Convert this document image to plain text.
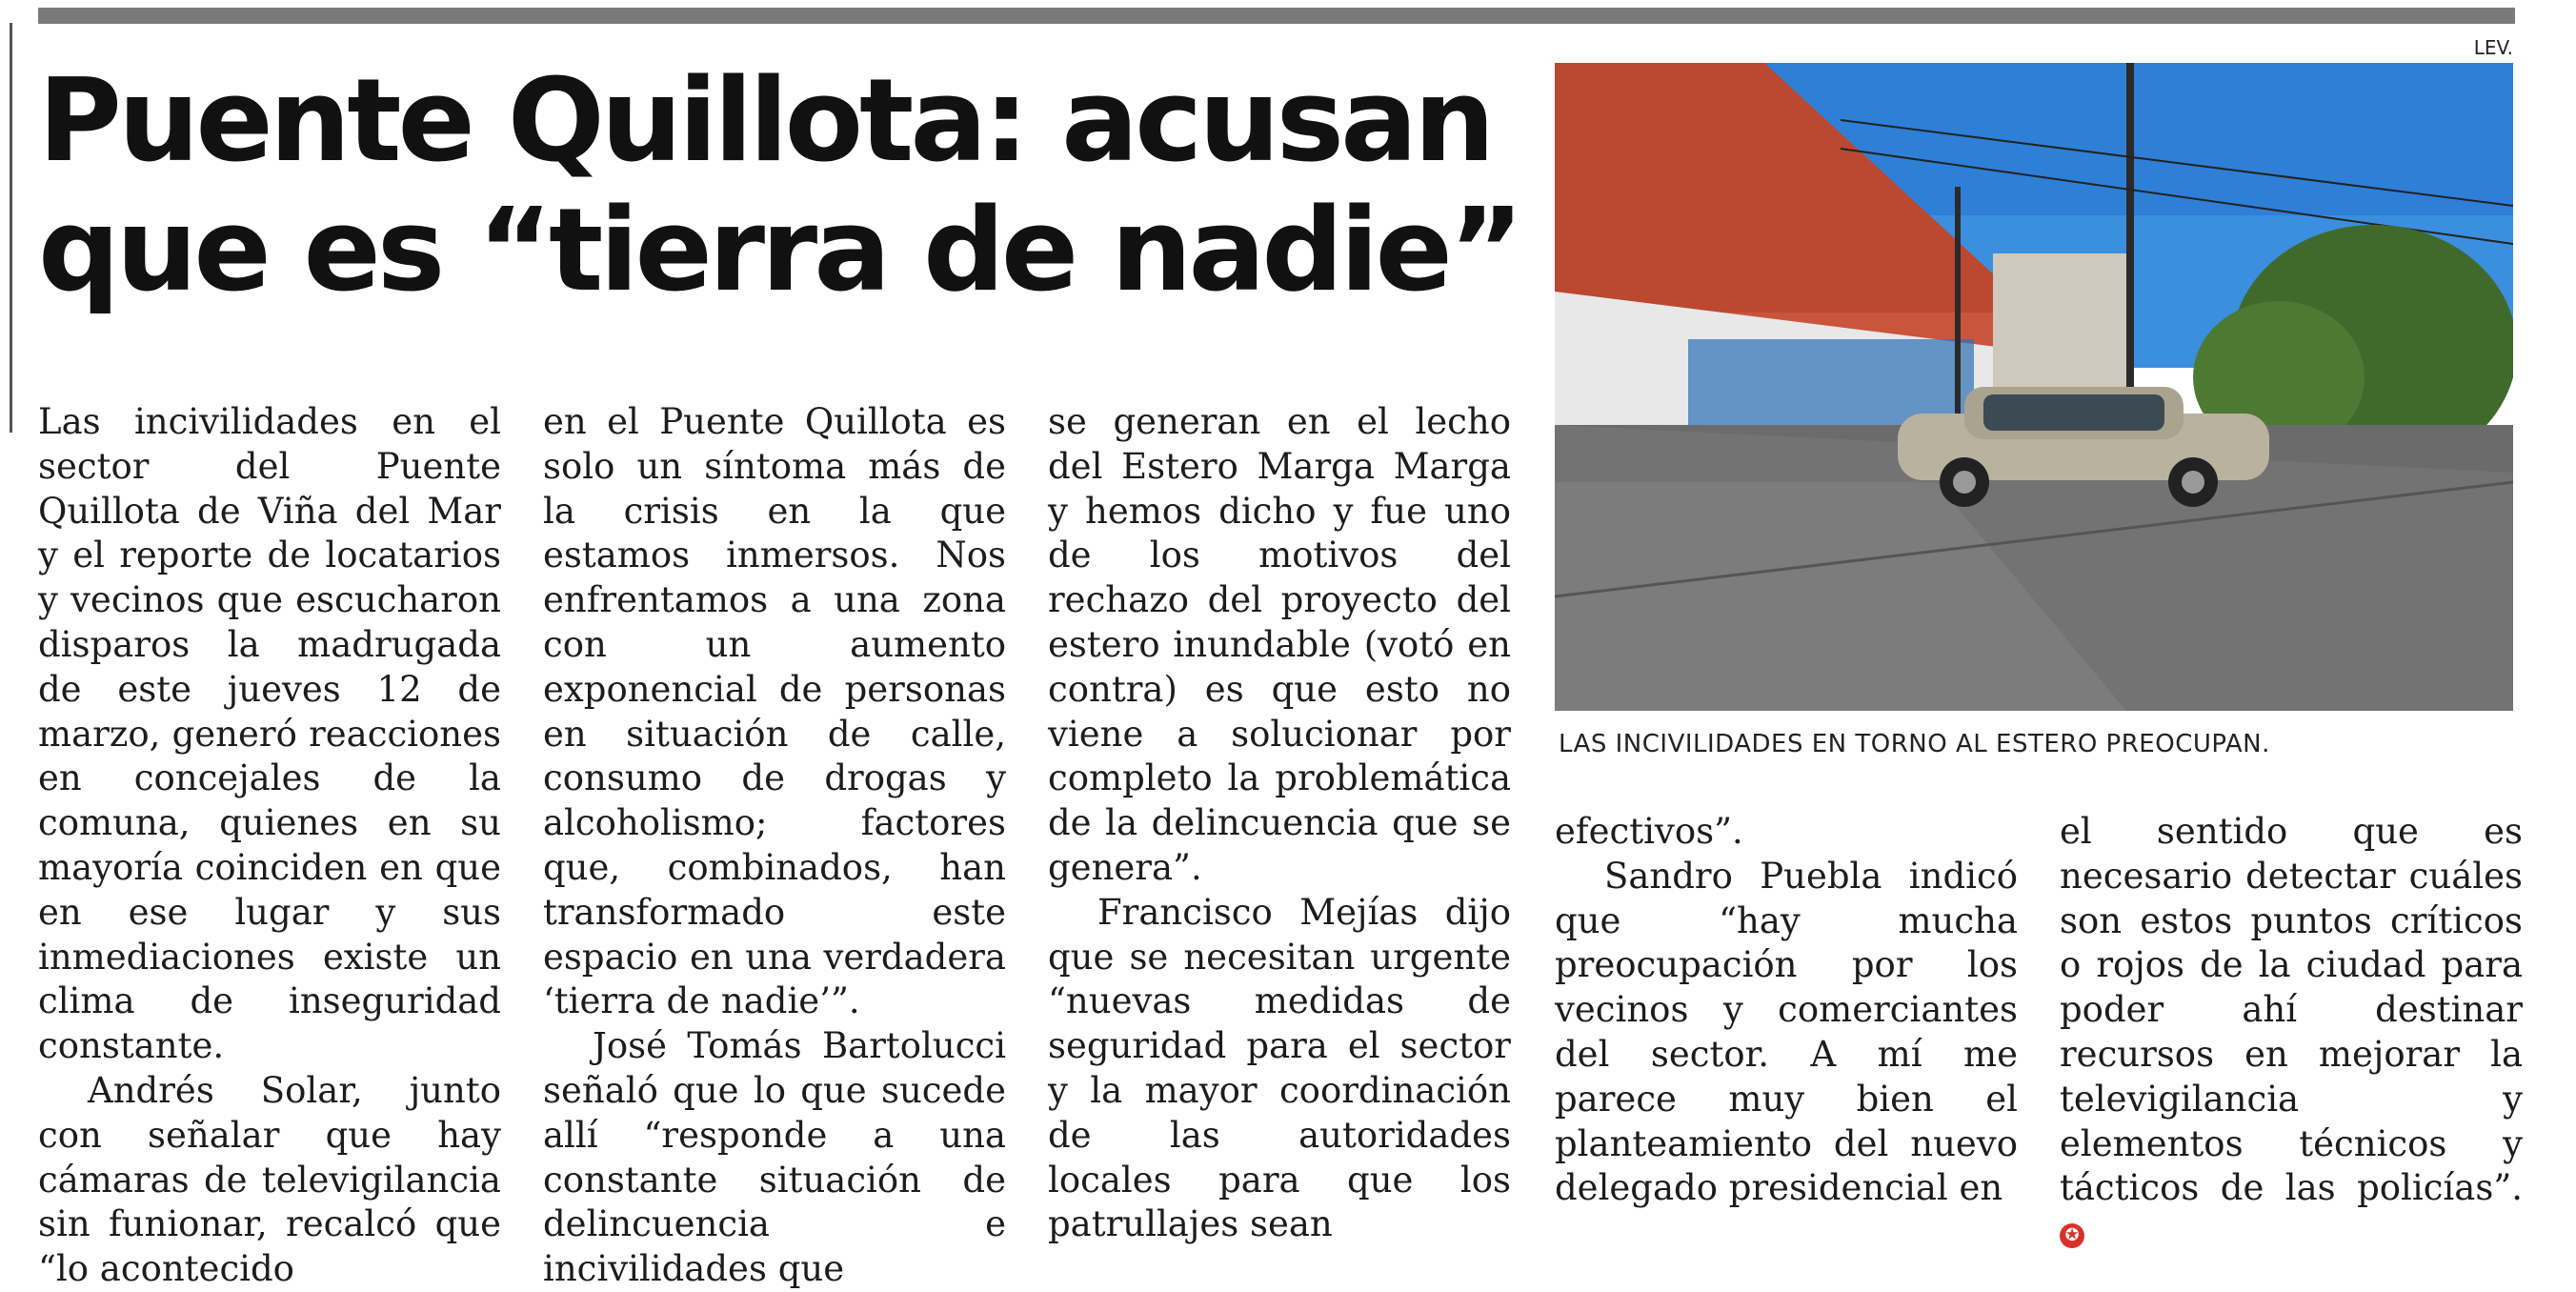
Puente Quillota: acusan que es “tierra de nadie”
LEV.
LAS INCIVILIDADES EN TORNO AL ESTERO PREOCUPAN.

Las incivilidades en el sector del Puente Quillota de Viña del Mar y el reporte de locatarios y vecinos que escucharon disparos la madrugada de este jueves 12 de marzo, generó reacciones en concejales de la comuna, quienes en su mayoría coinciden en que en ese lugar y sus inmediaciones existe un clima de inseguridad constante.

Andrés Solar, junto con señalar que hay cámaras de televigilancia sin funionar, recalcó que “lo acontecido

en el Puente Quillota es solo un síntoma más de la crisis en la que estamos inmersos. Nos enfrentamos a una zona con un aumento exponencial de personas en situación de calle, consumo de drogas y alcoholismo; factores que, combinados, han transformado este espacio en una verdadera ‘tierra de nadie’”.

José Tomás Bartolucci señaló que lo que sucede allí “responde a una constante situación de delincuencia e incivilidades que

se generan en el lecho del Estero Marga Marga y hemos dicho y fue uno de los motivos del rechazo del proyecto del estero inundable (votó en contra) es que esto no viene a solucionar por completo la problemática de la delincuencia que se genera”.

Francisco Mejías dijo que se necesitan urgente “nuevas medidas de seguridad para el sector y la mayor coordinación de las autoridades locales para que los patrullajes sean

efectivos”.

Sandro Puebla indicó que “hay mucha preocupación por los vecinos y comerciantes del sector. A mí me parece muy bien el planteamiento del nuevo delegado presidencial en

el sentido que es necesario detectar cuáles son estos puntos críticos o rojos de la ciudad para poder ahí destinar recursos en mejorar la televigilancia y elementos técnicos y tácticos de las policías”. ✪
